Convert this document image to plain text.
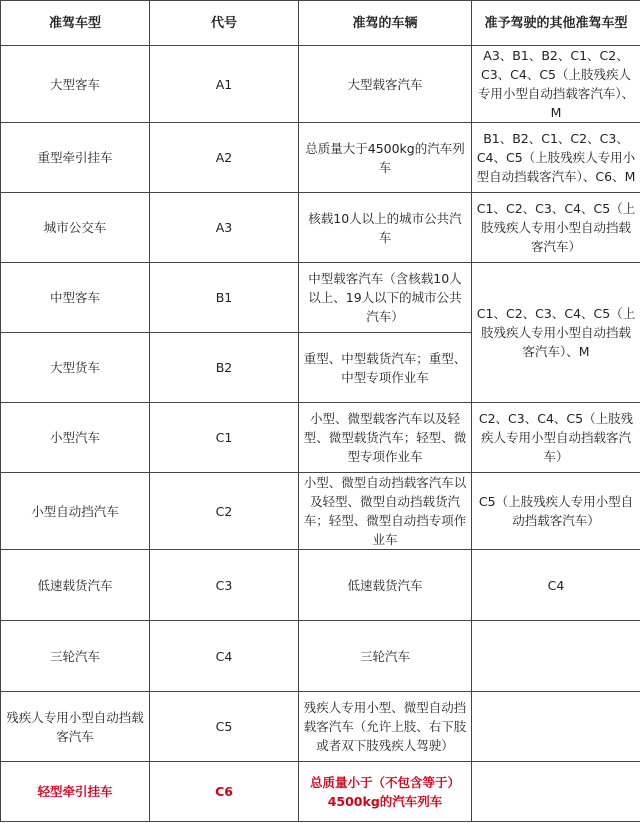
准驾车型	代号	准驾的车辆	准予驾驶的其他准驾车型
大型客车	A1	大型载客汽车	A3、B1、B2、C1、C2、C3、C4、C5（上肢残疾人专用小型自动挡载客汽车）、M
重型牵引挂车	A2	总质量大于4500kg的汽车列车	B1、B2、C1、C2、C3、C4、C5（上肢残疾人专用小型自动挡载客汽车）、C6、M
城市公交车	A3	核载10人以上的城市公共汽车	C1、C2、C3、C4、C5（上肢残疾人专用小型自动挡载客汽车）
中型客车	B1	中型载客汽车（含核载10人以上、19人以下的城市公共汽车）	C1、C2、C3、C4、C5（上肢残疾人专用小型自动挡载客汽车）、M
大型货车	B2	重型、中型载货汽车；重型、中型专项作业车	
小型汽车	C1	小型、微型载客汽车以及轻型、微型载货汽车；轻型、微型专项作业车	C2、C3、C4、C5（上肢残疾人专用小型自动挡载客汽车）
小型自动挡汽车	C2	小型、微型自动挡载客汽车以及轻型、微型自动挡载货汽车；轻型、微型自动挡专项作业车	C5（上肢残疾人专用小型自动挡载客汽车）
低速载货汽车	C3	低速载货汽车	C4
三轮汽车	C4	三轮汽车	
残疾人专用小型自动挡载客汽车	C5	残疾人专用小型、微型自动挡载客汽车（允许上肢、右下肢或者双下肢残疾人驾驶）	
轻型牵引挂车	C6	总质量小于（不包含等于）4500kg的汽车列车	
